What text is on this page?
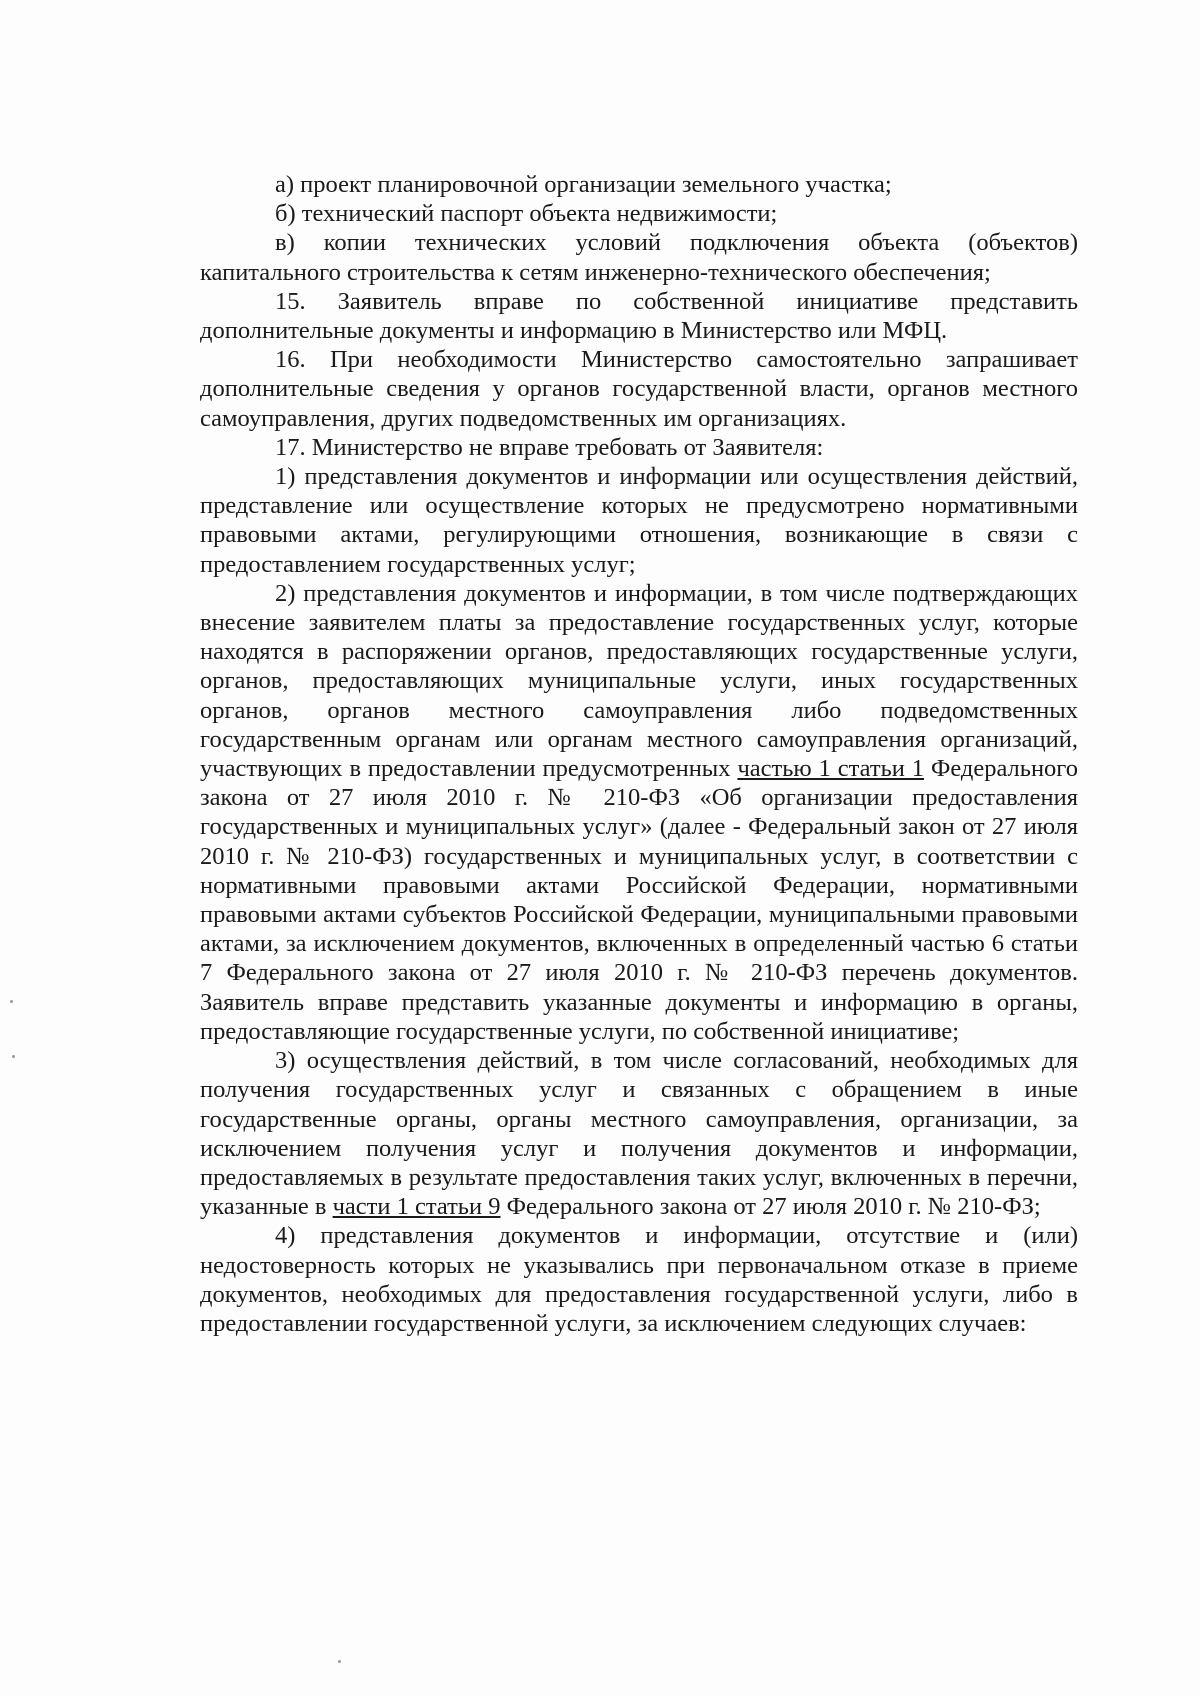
а) проект планировочной организации земельного участка;

б) технический паспорт объекта недвижимости;

в) копии технических условий подключения объекта (объектов) капитального строительства к сетям инженерно-технического обеспечения;

15. Заявитель вправе по собственной инициативе представить дополнительные документы и информацию в Министерство или МФЦ.

16. При необходимости Министерство самостоятельно запрашивает дополнительные сведения у органов государственной власти, органов местного самоуправления, других подведомственных им организациях.

17. Министерство не вправе требовать от Заявителя:

1) представления документов и информации или осуществления действий, представление или осуществление которых не предусмотрено нормативными правовыми актами, регулирующими отношения, возникающие в связи с предоставлением государственных услуг;

2) представления документов и информации, в том числе подтверждающих внесение заявителем платы за предоставление государственных услуг, которые находятся в распоряжении органов, предоставляющих государственные услуги, органов, предоставляющих муниципальные услуги, иных государственных органов, органов местного самоуправления либо подведомственных государственным органам или органам местного самоуправления организаций, участвующих в предоставлении предусмотренных частью 1 статьи 1 Федерального закона от 27 июля 2010 г. № 210-ФЗ «Об организации предоставления государственных и муниципальных услуг» (далее - Федеральный закон от 27 июля 2010 г. № 210-ФЗ) государственных и муниципальных услуг, в соответствии с нормативными правовыми актами Российской Федерации, нормативными правовыми актами субъектов Российской Федерации, муниципальными правовыми актами, за исключением документов, включенных в определенный частью 6 статьи 7 Федерального закона от 27 июля 2010 г. № 210-ФЗ перечень документов. Заявитель вправе представить указанные документы и информацию в органы, предоставляющие государственные услуги, по собственной инициативе;

3) осуществления действий, в том числе согласований, необходимых для получения государственных услуг и связанных с обращением в иные государственные органы, органы местного самоуправления, организации, за исключением получения услуг и получения документов и информации, предоставляемых в результате предоставления таких услуг, включенных в перечни, указанные в части 1 статьи 9 Федерального закона от 27 июля 2010 г. № 210-ФЗ;

4) представления документов и информации, отсутствие и (или) недостоверность которых не указывались при первоначальном отказе в приеме документов, необходимых для предоставления государственной услуги, либо в предоставлении государственной услуги, за исключением следующих случаев:
